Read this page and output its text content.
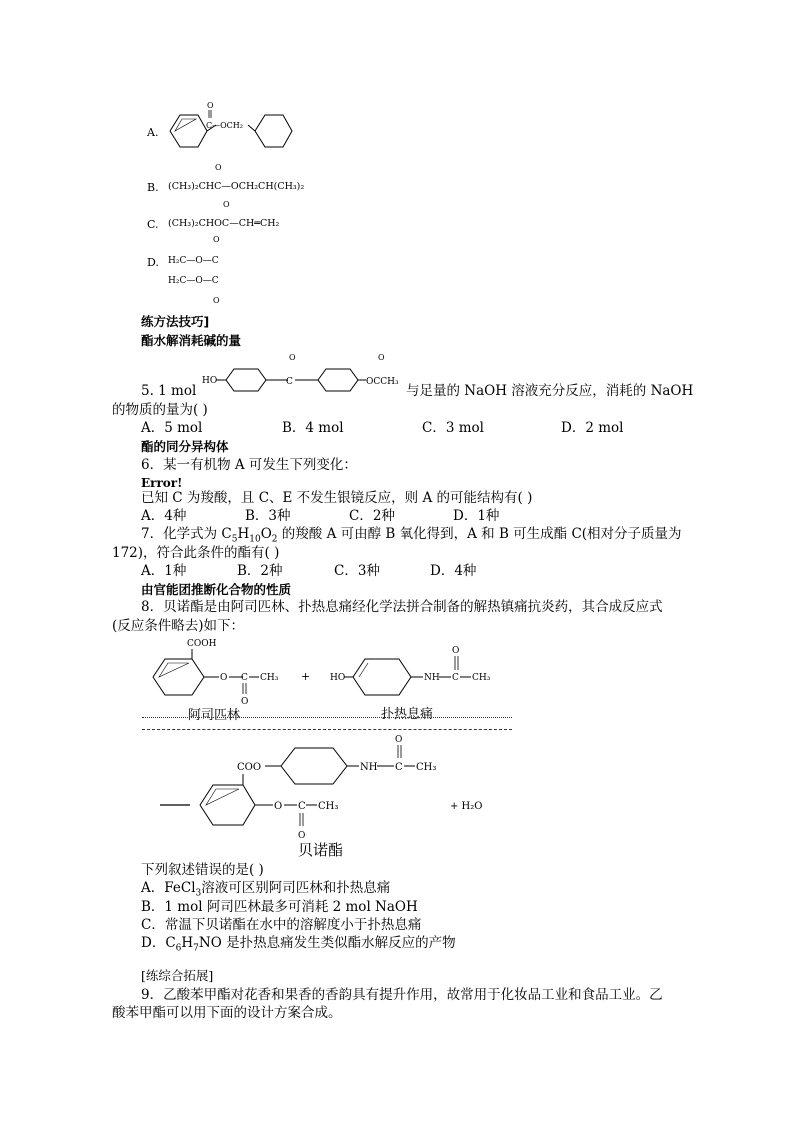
A.
O
C—OCH₂
B. (CH₃)₂CHC—OCH₂CH(CH₃)₂
O
C. (CH₃)₂CHOC—CH═CH₂
O
D.
O
H₂C—O—C
H₂C—O—C
O
练方法技巧]
酯水解消耗碱的量
5. 1 mol
HO
O
C
O
OCCH₃
与足量的 NaOH 溶液充分反应，消耗的 NaOH
的物质的量为( )
A．5 mol	B．4 mol	C．3 mol	D．2 mol
酯的同分异构体
6．某一有机物 A 可发生下列变化：
Error!
已知 C 为羧酸，且 C、E 不发生银镜反应，则 A 的可能结构有( )
A．4种	B．3种	C．2种	D．1种
7．化学式为 $C_5H_{10}O_2$ 的羧酸 A 可由醇 B 氧化得到，A 和 B 可生成酯 C(相对分子质量为
172)，符合此条件的酯有( )
A．1种	B．2种	C．3种	D．4种
由官能团推断化合物的性质
8．贝诺酯是由阿司匹林、扑热息痛经化学法拼合制备的解热镇痛抗炎药，其合成反应式
(反应条件略去)如下：
COOH
O C CH₃
O
+ HO	NH C
O
CH₃
阿司匹林	扑热息痛
O
COO	NH C CH₃
O C CH₃
O
+ H₂O
贝诺酯
下列叙述错误的是( )
A．FeCl$_3$溶液可区别阿司匹林和扑热息痛
B．1 mol 阿司匹林最多可消耗 2 mol NaOH
C．常温下贝诺酯在水中的溶解度小于扑热息痛
D．$C_6H_7NO$ 是扑热息痛发生类似酯水解反应的产物
[练综合拓展]
9．乙酸苯甲酯对花香和果香的香韵具有提升作用，故常用于化妆品工业和食品工业。乙
酸苯甲酯可以用下面的设计方案合成。
